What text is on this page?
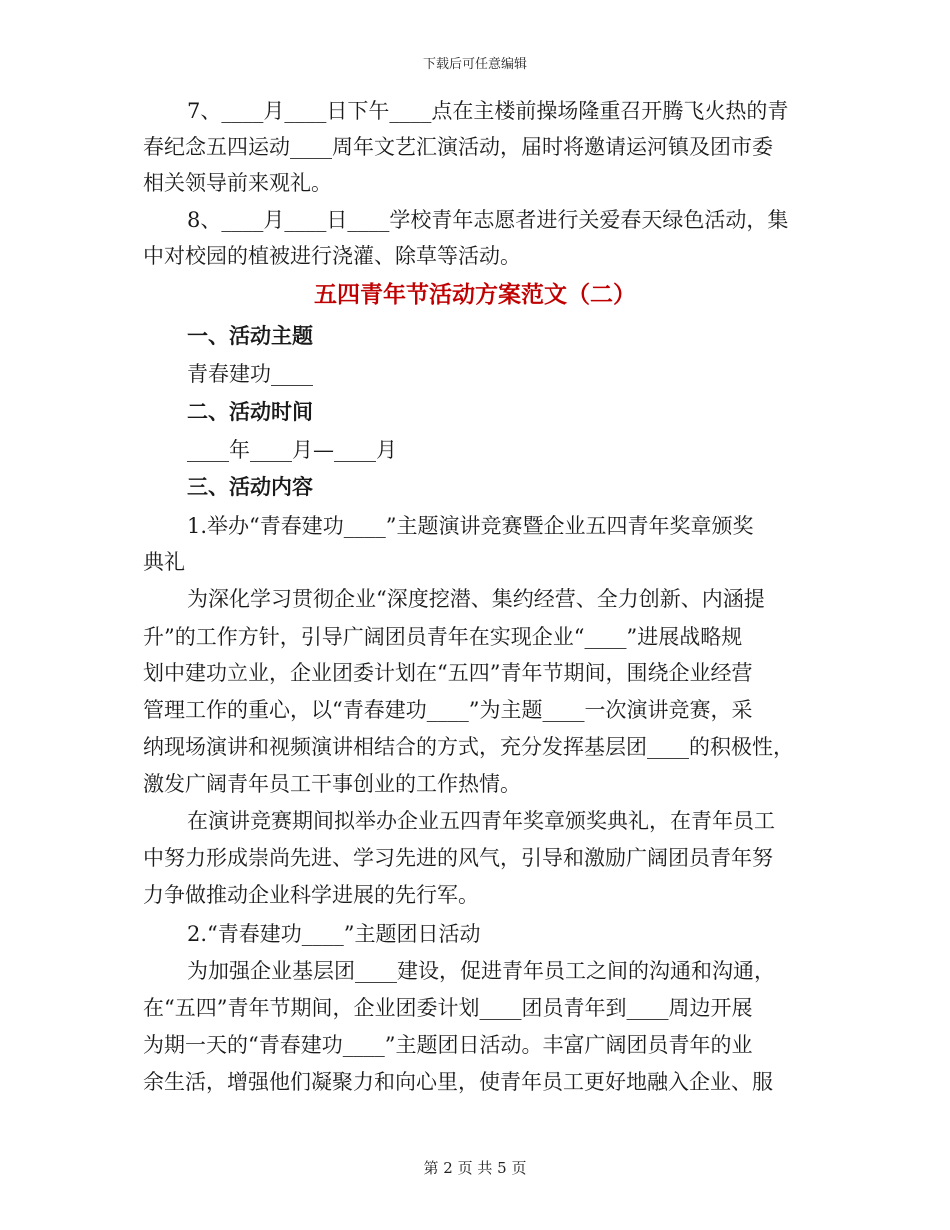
下载后可任意编辑
7、____月____日下午____点在主楼前操场隆重召开腾飞火热的青
春纪念五四运动____周年文艺汇演活动，届时将邀请运河镇及团市委
相关领导前来观礼。
8、____月____日____学校青年志愿者进行关爱春天绿色活动，集
中对校园的植被进行浇灌、除草等活动。
五四青年节活动方案范文（二）
一、活动主题
青春建功____
二、活动时间
____年____月—____月
三、活动内容
1.举办“青春建功____”主题演讲竞赛暨企业五四青年奖章颁奖
典礼
为深化学习贯彻企业“深度挖潜、集约经营、全力创新、内涵提
升”的工作方针，引导广阔团员青年在实现企业“____”进展战略规
划中建功立业，企业团委计划在“五四”青年节期间，围绕企业经营
管理工作的重心，以“青春建功____”为主题____一次演讲竞赛，采
纳现场演讲和视频演讲相结合的方式，充分发挥基层团____的积极性，
激发广阔青年员工干事创业的工作热情。
在演讲竞赛期间拟举办企业五四青年奖章颁奖典礼，在青年员工
中努力形成崇尚先进、学习先进的风气，引导和激励广阔团员青年努
力争做推动企业科学进展的先行军。
2.“青春建功____”主题团日活动
为加强企业基层团____建设，促进青年员工之间的沟通和沟通，
在“五四”青年节期间，企业团委计划____团员青年到____周边开展
为期一天的“青春建功____”主题团日活动。丰富广阔团员青年的业
余生活，增强他们凝聚力和向心里，使青年员工更好地融入企业、服
第 2 页 共 5 页
